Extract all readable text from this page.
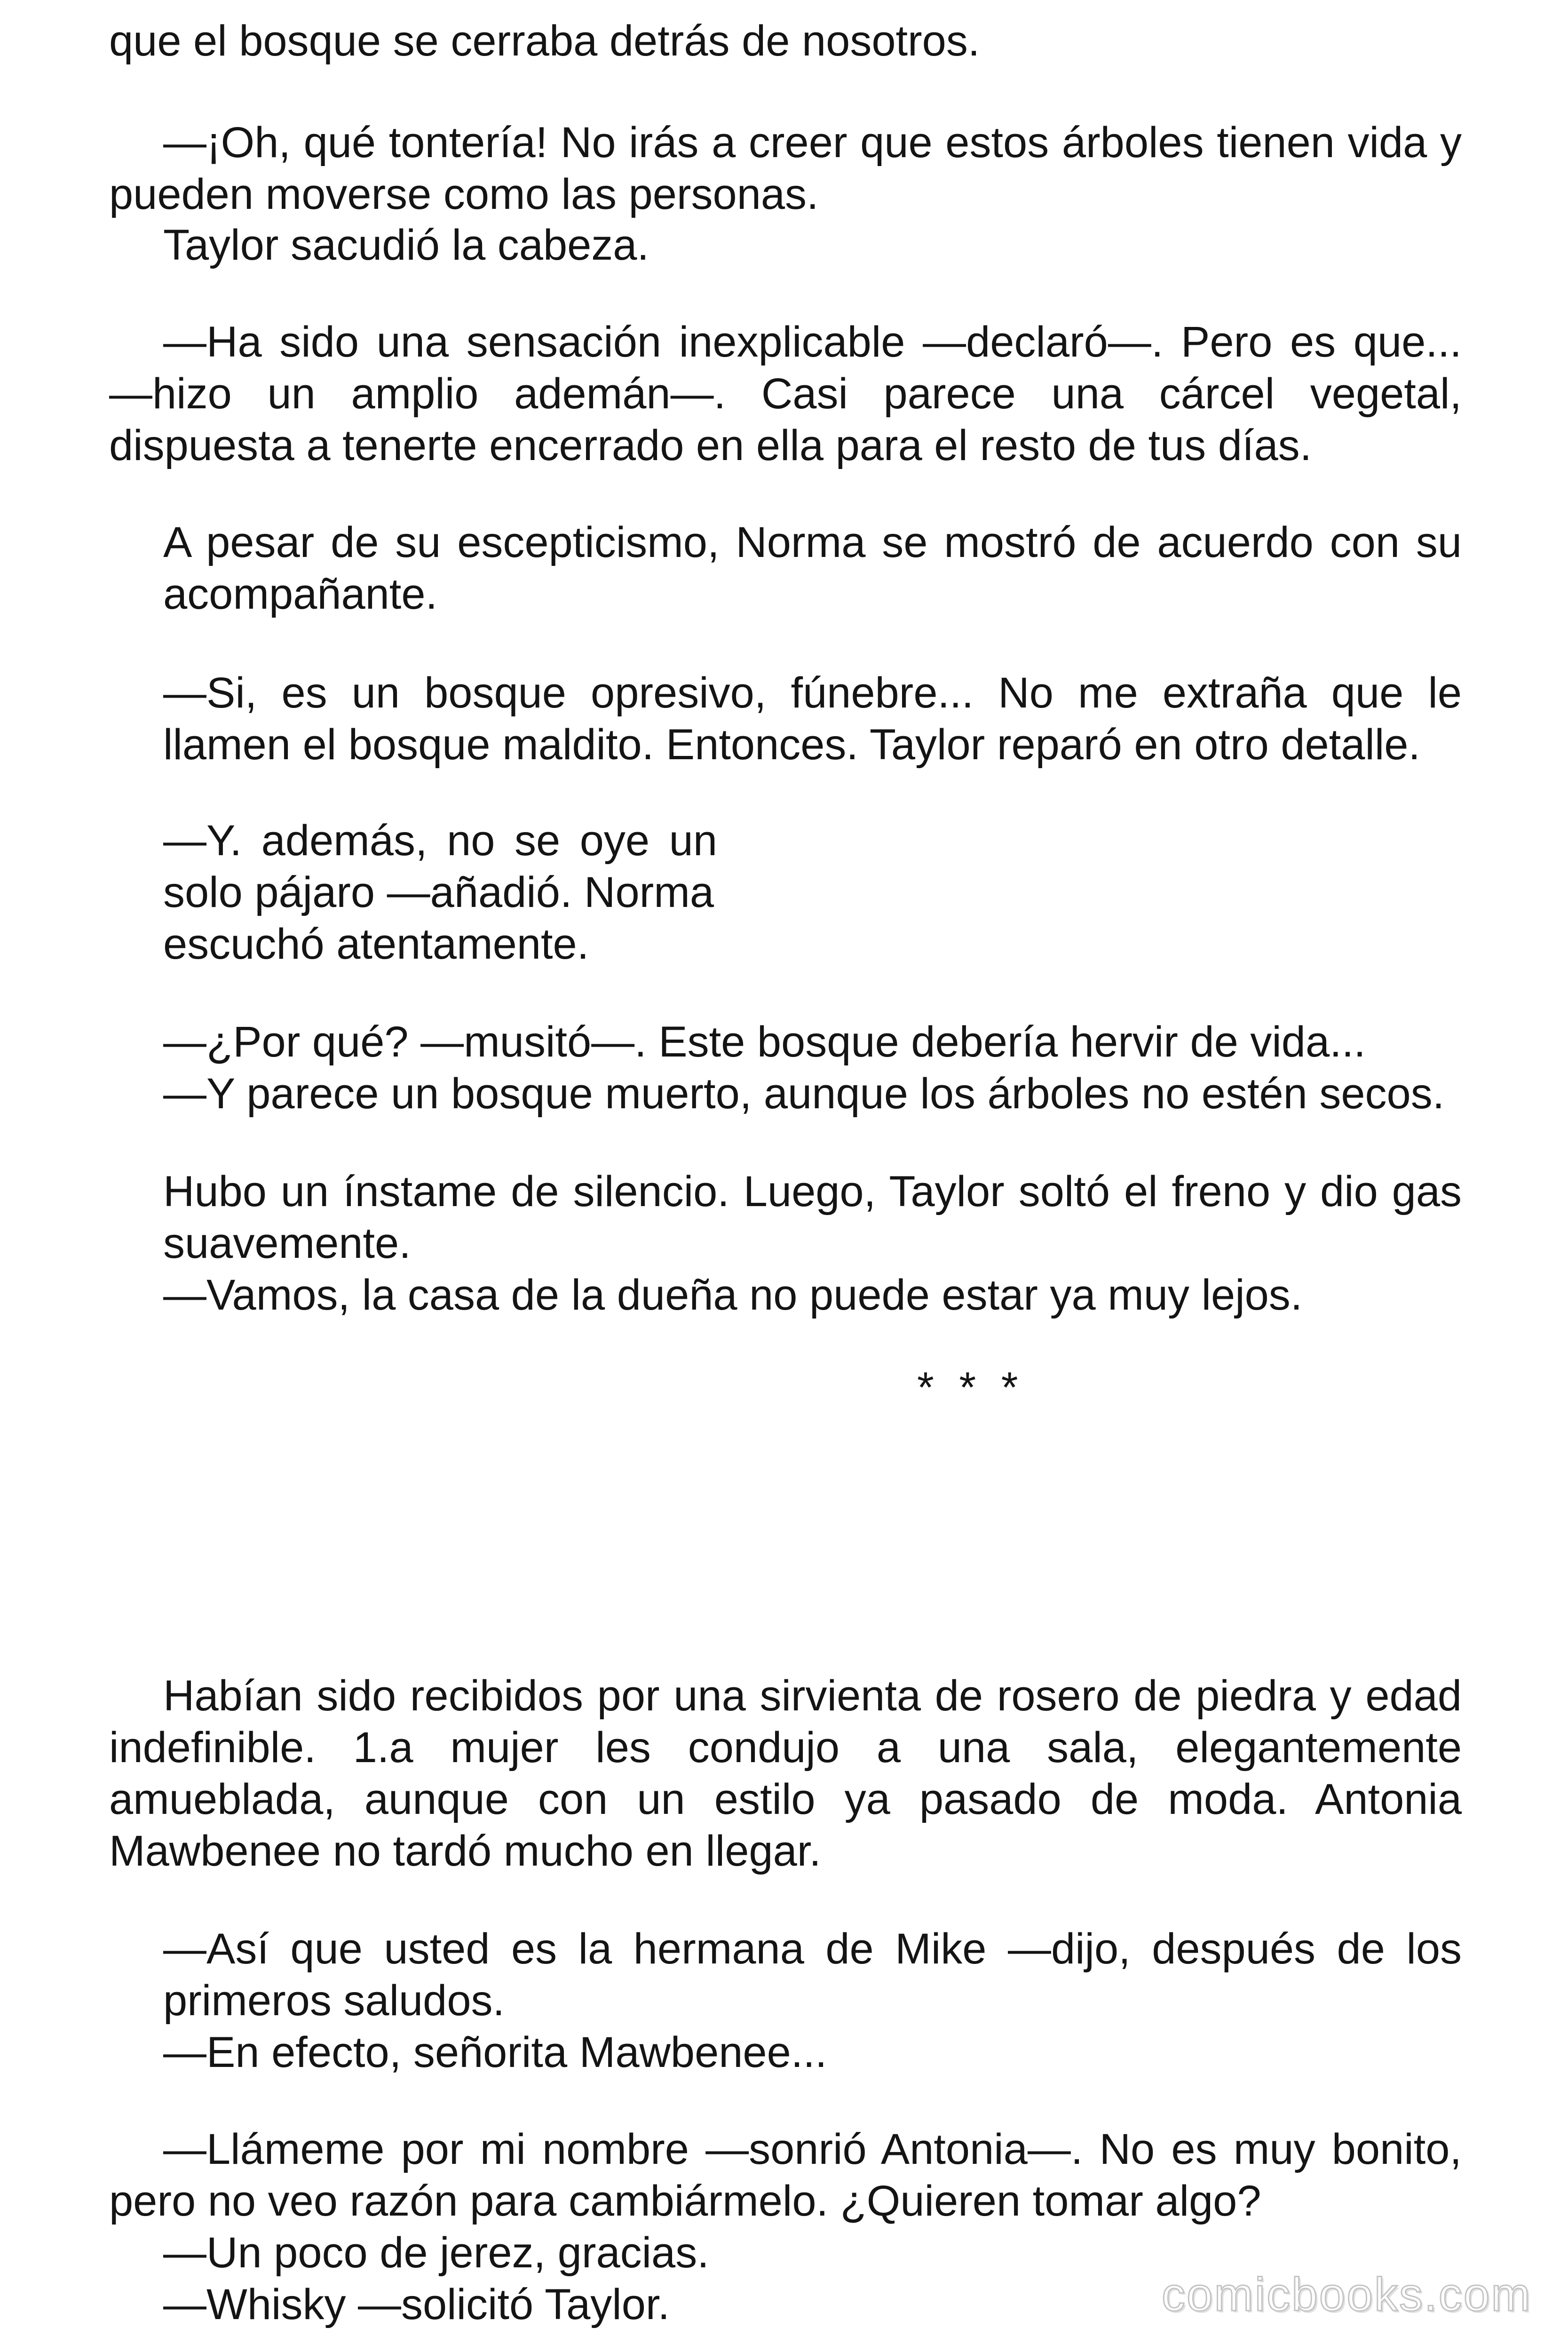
que el bosque se cerraba detrás de nosotros.

—¡Oh, qué tontería! No irás a creer que estos árboles tienen vida y

pueden moverse como las personas.

Taylor sacudió la cabeza.

—Ha sido una sensación inexplicable —declaró—. Pero es que...

—hizo un amplio ademán—. Casi parece una cárcel vegetal,

dispuesta a tenerte encerrado en ella para el resto de tus días.

A pesar de su escepticismo, Norma se mostró de acuerdo con su

acompañante.

—Si, es un bosque opresivo, fúnebre... No me extraña que le

llamen el bosque maldito. Entonces. Taylor reparó en otro detalle.

—Y. además, no se oye un

solo pájaro —añadió. Norma

escuchó atentamente.

—¿Por qué? —musitó—. Este bosque debería hervir de vida...

—Y parece un bosque muerto, aunque los árboles no estén secos.

Hubo un ínstame de silencio. Luego, Taylor soltó el freno y dio gas

suavemente.

—Vamos, la casa de la dueña no puede estar ya muy lejos.

* * *

Habían sido recibidos por una sirvienta de rosero de piedra y edad

indefinible. 1.a mujer les condujo a una sala, elegantemente

amueblada, aunque con un estilo ya pasado de moda. Antonia

Mawbenee no tardó mucho en llegar.

—Así que usted es la hermana de Mike —dijo, después de los

primeros saludos.

—En efecto, señorita Mawbenee...

—Llámeme por mi nombre —sonrió Antonia—. No es muy bonito,

pero no veo razón para cambiármelo. ¿Quieren tomar algo?

—Un poco de jerez, gracias.

—Whisky —solicitó Taylor.	comicbooks.com
